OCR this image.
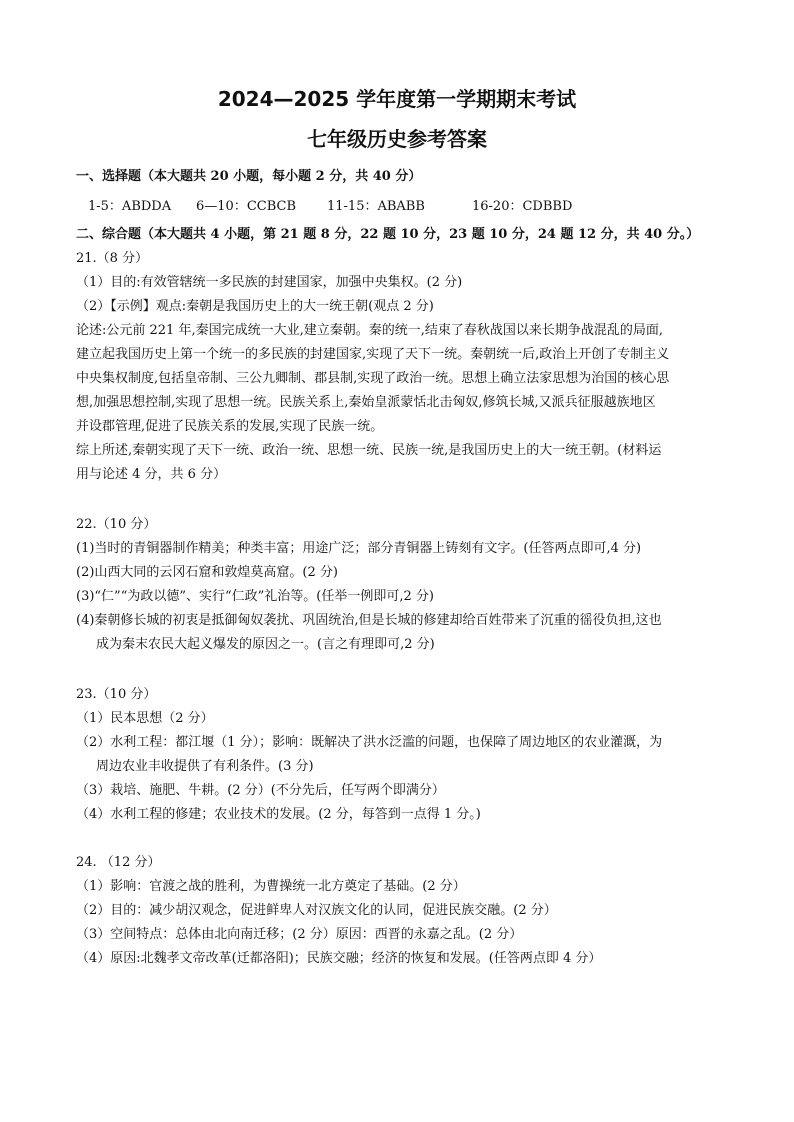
2024—2025 学年度第一学期期末考试
七年级历史参考答案
一、选择题（本大题共 20 小题，每小题 2 分，共 40 分）
1-5：ABDDA 6—10：CCBCB 11-15：ABABB	16-20：CDBBD
二、综合题（本大题共 4 小题，第 21 题 8 分，22 题 10 分，23 题 10 分，24 题 12 分，共 40 分。）
21.（8 分）
（1）目的:有效管辖统一多民族的封建国家，加强中央集权。(2 分)
（2）【示例】观点:秦朝是我国历史上的大一统王朝(观点 2 分)
论述:公元前 221 年,秦国完成统一大业,建立秦朝。秦的统一,结束了春秋战国以来长期争战混乱的局面,
建立起我国历史上第一个统一的多民族的封建国家,实现了天下一统。秦朝统一后,政治上开创了专制主义
中央集权制度,包括皇帝制、三公九卿制、郡县制,实现了政治一统。思想上确立法家思想为治国的核心思
想,加强思想控制,实现了思想一统。民族关系上,秦始皇派蒙恬北击匈奴,修筑长城,又派兵征服越族地区
并设郡管理,促进了民族关系的发展,实现了民族一统。
综上所述,秦朝实现了天下一统、政治一统、思想一统、民族一统,是我国历史上的大一统王朝。(材料运
用与论述 4 分，共 6 分）
22.（10 分）
(1)当时的青铜器制作精美；种类丰富；用途广泛；部分青铜器上铸刻有文字。(任答两点即可,4 分)
(2)山西大同的云冈石窟和敦煌莫高窟。(2 分)
(3)“仁”“为政以德”、实行“仁政”礼治等。(任举一例即可,2 分)
(4)秦朝修长城的初衷是抵御匈奴袭扰、巩固统治,但是长城的修建却给百姓带来了沉重的徭役负担,这也
成为秦末农民大起义爆发的原因之一。(言之有理即可,2 分)
23.（10 分）
（1）民本思想（2 分）
（2）水利工程：都江堰（1 分）；影响：既解决了洪水泛滥的问题，也保障了周边地区的农业灌溉，为
周边农业丰收提供了有利条件。(3 分)
（3）栽培、施肥、牛耕。(2 分）(不分先后，任写两个即满分）
（4）水利工程的修建；农业技术的发展。(2 分，每答到一点得 1 分。)
24. （12 分）
（1）影响：官渡之战的胜利，为曹操统一北方奠定了基础。(2 分）
（2）目的：减少胡汉观念，促进鲜卑人对汉族文化的认同，促进民族交融。(2 分）
（3）空间特点：总体由北向南迁移；(2 分）原因：西晋的永嘉之乱。(2 分）
（4）原因:北魏孝文帝改革(迁都洛阳)；民族交融；经济的恢复和发展。(任答两点即 4 分）
